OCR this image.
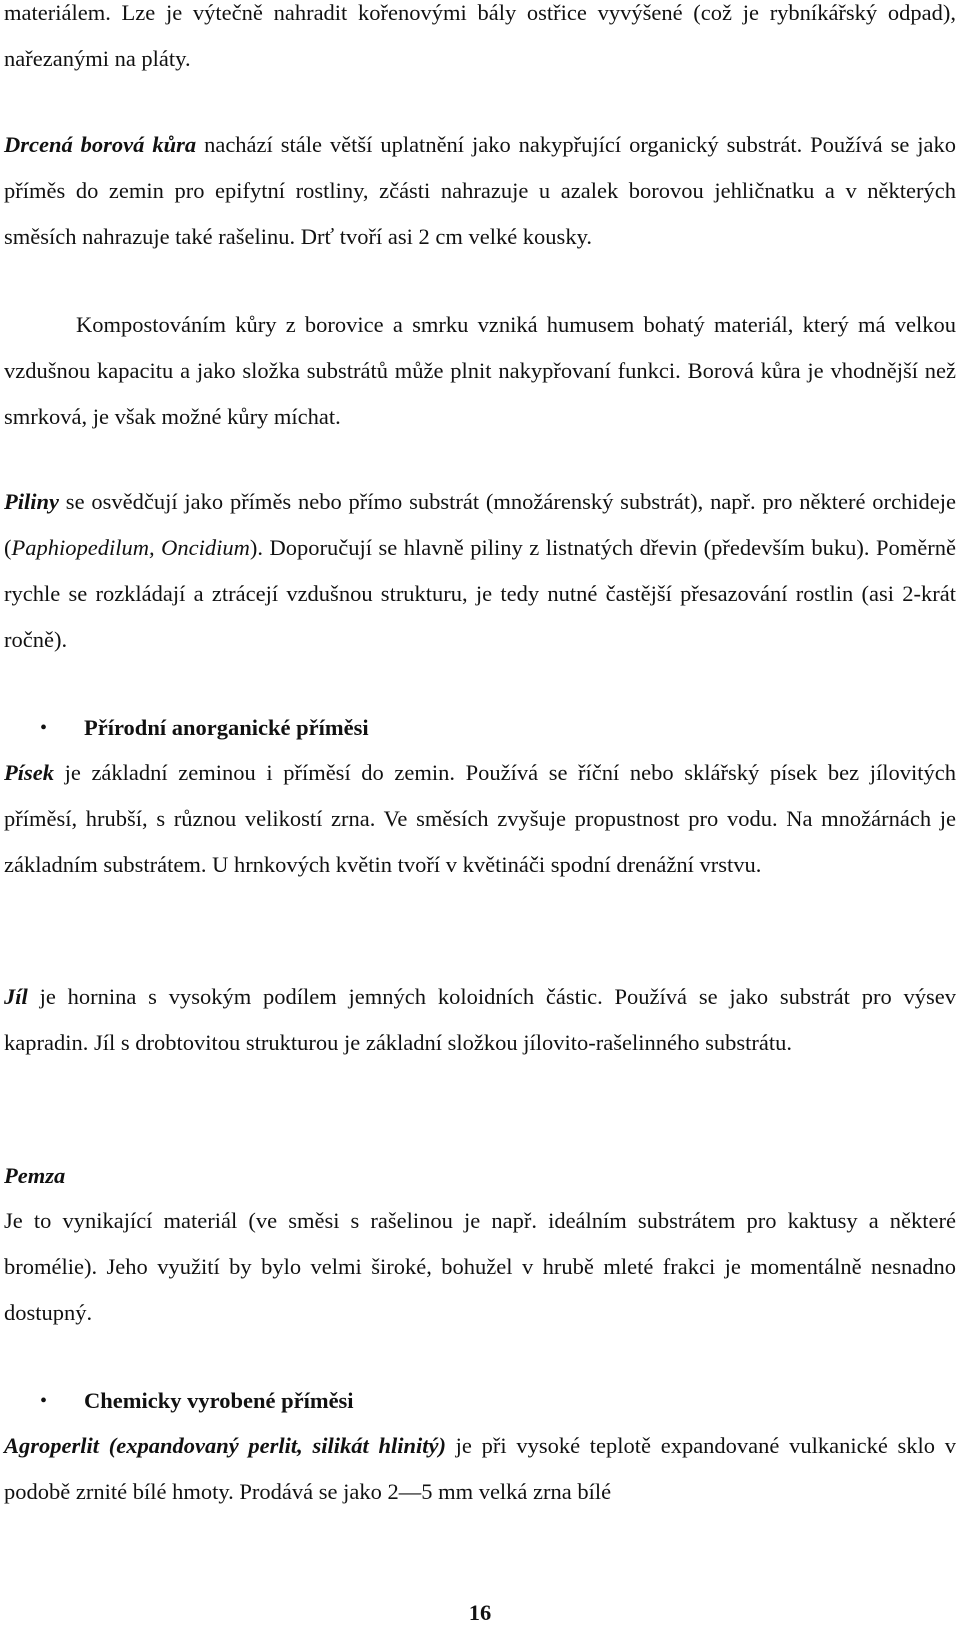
materiálem. Lze je výtečně nahradit kořenovými bály ostřice vyvýšené (což je rybníkářský odpad), nařezanými na pláty.

Drcená borová kůra nachází stále větší uplatnění jako nakypřující organický substrát. Používá se jako příměs do zemin pro epifytní rostliny, zčásti nahrazuje u azalek borovou jehličnatku a v některých směsích nahrazuje také rašelinu. Drť tvoří asi 2 cm velké kousky.

Kompostováním kůry z borovice a smrku vzniká humusem bohatý materiál, který má velkou vzdušnou kapacitu a jako složka substrátů může plnit nakypřovaní funkci. Borová kůra je vhodnější než smrková, je však možné kůry míchat.

Piliny se osvědčují jako příměs nebo přímo substrát (množárenský substrát), např. pro některé orchideje (Paphiopedilum, Oncidium). Doporučují se hlavně piliny z listnatých dřevin (především buku). Poměrně rychle se rozkládají a ztrácejí vzdušnou strukturu, je tedy nutné častější přesazování rostlin (asi 2-krát ročně).

• Přírodní anorganické příměsi

Písek je základní zeminou i příměsí do zemin. Používá se říční nebo sklářský písek bez jílovitých příměsí, hrubší, s různou velikostí zrna. Ve směsích zvyšuje propustnost pro vodu. Na množárnách je základním substrátem. U hrnkových květin tvoří v květináči spodní drenážní vrstvu.

Jíl je hornina s vysokým podílem jemných koloidních částic. Používá se jako substrát pro výsev kapradin. Jíl s drobtovitou strukturou je základní složkou jílovito-rašelinného substrátu.

Pemza

Je to vynikající materiál (ve směsi s rašelinou je např. ideálním substrátem pro kaktusy a některé bromélie). Jeho využití by bylo velmi široké, bohužel v hrubě mleté frakci je momentálně nesnadno dostupný.

• Chemicky vyrobené příměsi

Agroperlit (expandovaný perlit, silikát hlinitý) je při vysoké teplotě expandované vulkanické sklo v podobě zrnité bílé hmoty. Prodává se jako 2—5 mm velká zrna bílé

16
